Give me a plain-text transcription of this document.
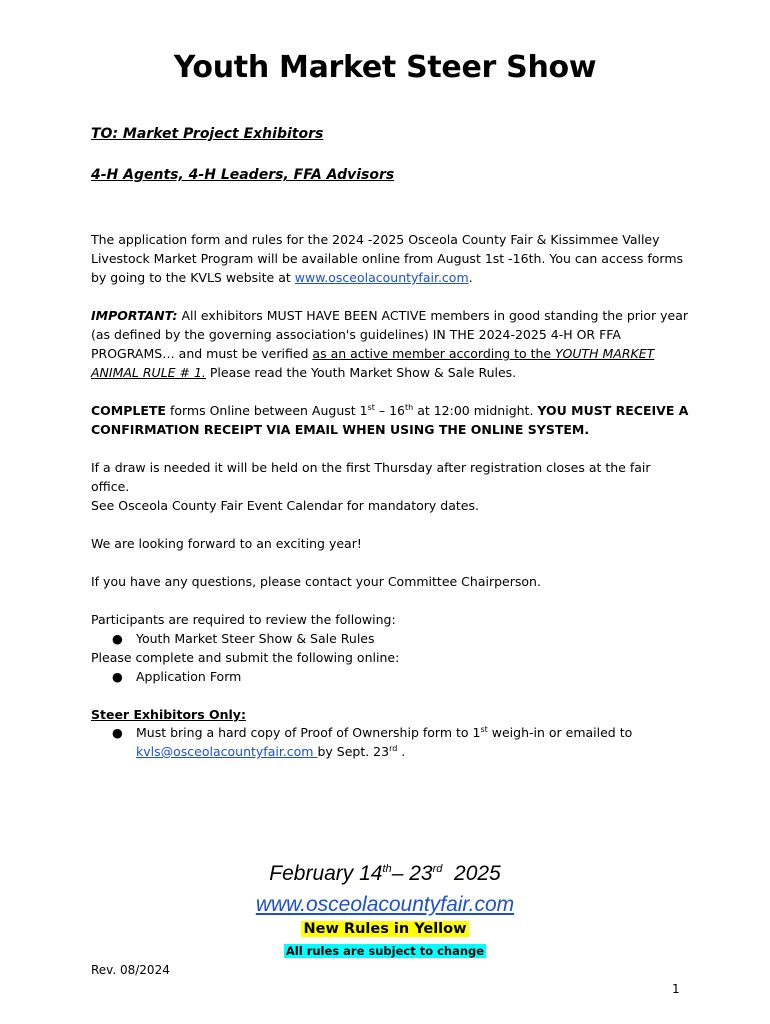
Youth Market Steer Show
TO: Market Project Exhibitors
4-H Agents, 4-H Leaders, FFA Advisors
The application form and rules for the 2024 -2025 Osceola County Fair & Kissimmee Valley Livestock Market Program will be available online from August 1st -16th. You can access forms by going to the KVLS website at www.osceolacountyfair.com.
IMPORTANT: All exhibitors MUST HAVE BEEN ACTIVE members in good standing the prior year (as defined by the governing association's guidelines) IN THE 2024-2025 4-H OR FFA PROGRAMS… and must be verified as an active member according to the YOUTH MARKET ANIMAL RULE # 1. Please read the Youth Market Show & Sale Rules.
COMPLETE forms Online between August 1st – 16th at 12:00 midnight. YOU MUST RECEIVE A CONFIRMATION RECEIPT VIA EMAIL WHEN USING THE ONLINE SYSTEM.
If a draw is needed it will be held on the first Thursday after registration closes at the fair office.
See Osceola County Fair Event Calendar for mandatory dates.
We are looking forward to an exciting year!
If you have any questions, please contact your Committee Chairperson.
Participants are required to review the following:
● Youth Market Steer Show & Sale Rules
Please complete and submit the following online:
● Application Form
Steer Exhibitors Only:
● Must bring a hard copy of Proof of Ownership form to 1st weigh-in or emailed to
kvls@osceolacountyfair.com by Sept. 23rd .
February 14th– 23rd  2025
www.osceolacountyfair.com
New Rules in Yellow
All rules are subject to change
Rev. 08/2024
1
